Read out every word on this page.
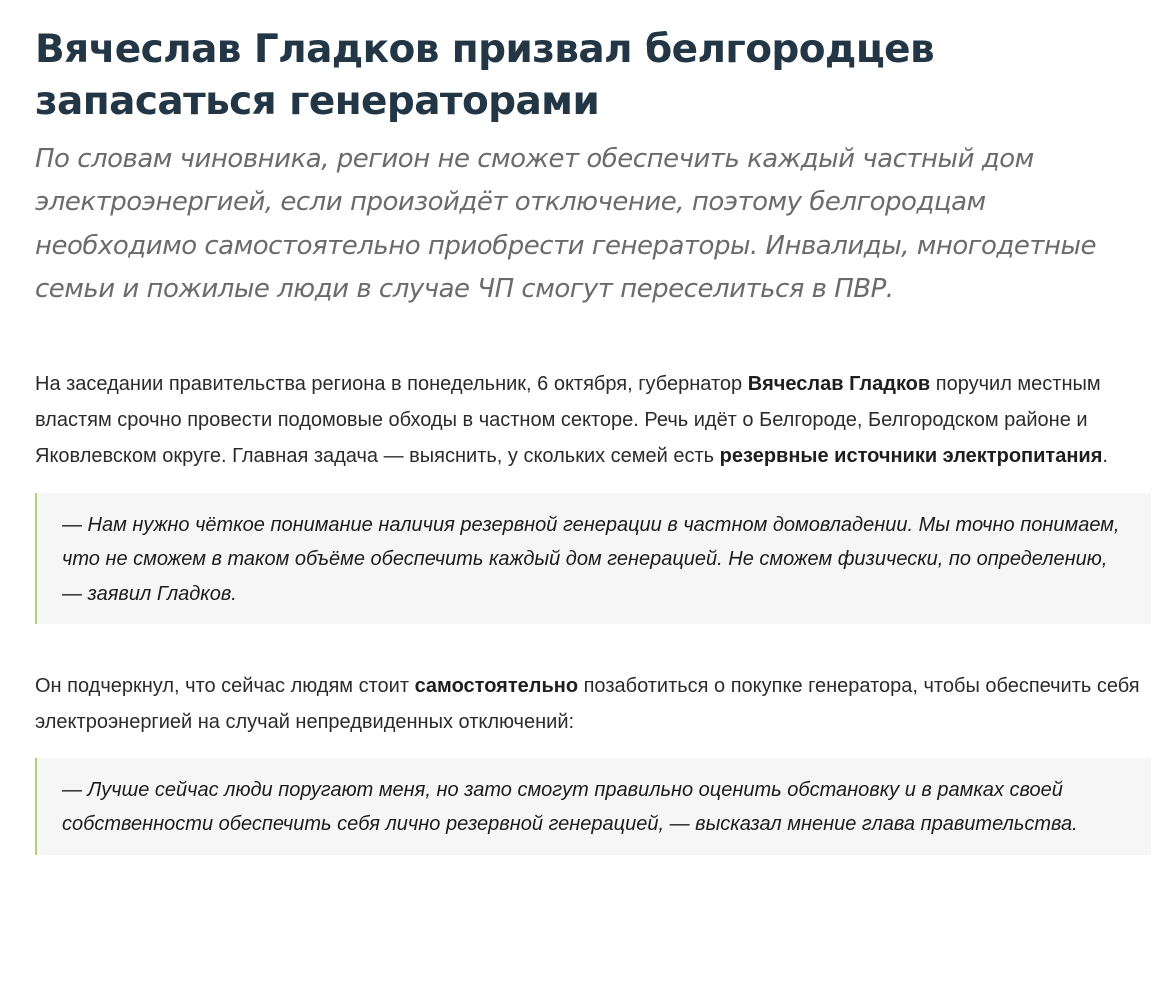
Вячеслав Гладков призвал белгородцев запасаться генераторами

По словам чиновника, регион не сможет обеспечить каждый частный дом электроэнергией, если произойдёт отключение, поэтому белгородцам необходимо самостоятельно приобрести генераторы. Инвалиды, многодетные семьи и пожилые люди в случае ЧП смогут переселиться в ПВР.

На заседании правительства региона в понедельник, 6 октября, губернатор Вячеслав Гладков поручил местным властям срочно провести подомовые обходы в частном секторе. Речь идёт о Белгороде, Белгородском районе и Яковлевском округе. Главная задача — выяснить, у скольких семей есть резервные источники электропитания.

— Нам нужно чёткое понимание наличия резервной генерации в частном домовладении. Мы точно понимаем, что не сможем в таком объёме обеспечить каждый дом генерацией. Не сможем физически, по определению, — заявил Гладков.

Он подчеркнул, что сейчас людям стоит самостоятельно позаботиться о покупке генератора, чтобы обеспечить себя электроэнергией на случай непредвиденных отключений:

— Лучше сейчас люди поругают меня, но зато смогут правильно оценить обстановку и в рамках своей собственности обеспечить себя лично резервной генерацией, — высказал мнение глава правительства.
